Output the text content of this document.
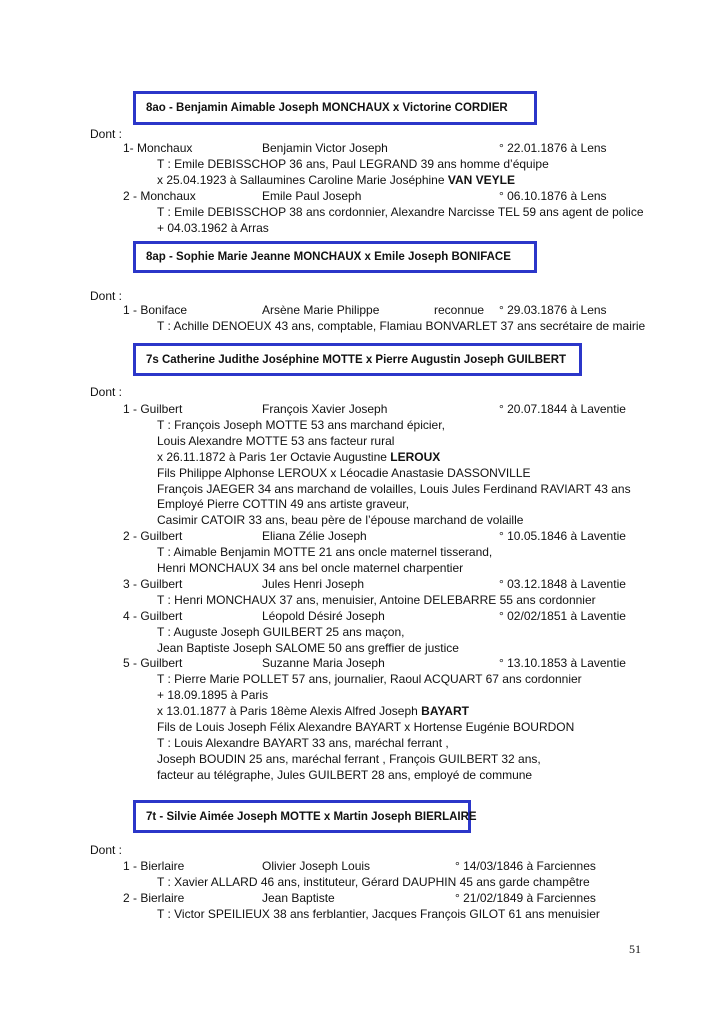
8ao - Benjamin Aimable Joseph MONCHAUX x Victorine CORDIER
Dont :
1- Monchaux	Benjamin Victor Joseph	° 22.01.1876 à Lens
T : Emile DEBISSCHOP 36 ans, Paul LEGRAND 39 ans homme d’équipe
x 25.04.1923 à Sallaumines Caroline Marie Joséphine VAN VEYLE
2 - Monchaux	Emile Paul Joseph	° 06.10.1876 à Lens
T : Emile DEBISSCHOP 38 ans cordonnier, Alexandre Narcisse TEL 59 ans agent de police
+ 04.03.1962 à Arras
8ap - Sophie Marie Jeanne MONCHAUX x Emile Joseph BONIFACE
Dont :
1 - Boniface	Arsène Marie Philippe	reconnue ° 29.03.1876 à Lens
T : Achille DENOEUX 43 ans, comptable, Flamiau BONVARLET 37 ans secrétaire de mairie
7s Catherine Judithe Joséphine MOTTE x Pierre Augustin Joseph GUILBERT
Dont :
1 - Guilbert	François Xavier Joseph	° 20.07.1844 à Laventie
T : François Joseph MOTTE 53 ans marchand épicier,
Louis Alexandre MOTTE 53 ans facteur rural
x 26.11.1872 à Paris 1er Octavie Augustine LEROUX
Fils Philippe Alphonse LEROUX x Léocadie Anastasie DASSONVILLE
François JAEGER 34 ans marchand de volailles, Louis Jules Ferdinand RAVIART 43 ans
Employé Pierre COTTIN 49 ans artiste graveur,
Casimir CATOIR 33 ans, beau père de l’épouse marchand de volaille
2 - Guilbert	Eliana Zélie Joseph	° 10.05.1846 à Laventie
T : Aimable Benjamin MOTTE 21 ans oncle maternel tisserand,
Henri MONCHAUX 34 ans bel oncle maternel charpentier
3 - Guilbert	Jules Henri Joseph	° 03.12.1848 à Laventie
T : Henri MONCHAUX 37 ans, menuisier, Antoine DELEBARRE 55 ans cordonnier
4 - Guilbert	Léopold Désiré Joseph	° 02/02/1851 à Laventie
T : Auguste Joseph GUILBERT 25 ans maçon,
Jean Baptiste Joseph SALOME 50 ans greffier de justice
5 - Guilbert	Suzanne Maria Joseph	° 13.10.1853 à Laventie
T : Pierre Marie POLLET 57 ans, journalier, Raoul ACQUART 67 ans cordonnier
+ 18.09.1895 à Paris
x 13.01.1877 à Paris 18ème Alexis Alfred Joseph BAYART
Fils de Louis Joseph Félix Alexandre BAYART x Hortense Eugénie BOURDON
T : Louis Alexandre BAYART 33 ans, maréchal ferrant ,
Joseph BOUDIN 25 ans, maréchal ferrant , François GUILBERT 32 ans,
facteur au télégraphe, Jules GUILBERT 28 ans, employé de commune
7t - Silvie Aimée Joseph MOTTE x Martin Joseph BIERLAIRE
Dont :
1 - Bierlaire	Olivier Joseph Louis	° 14/03/1846 à Farciennes
T : Xavier ALLARD 46 ans, instituteur, Gérard DAUPHIN 45 ans garde champêtre
2 - Bierlaire	Jean Baptiste	° 21/02/1849 à Farciennes
T : Victor SPEILIEUX 38 ans ferblantier, Jacques François GILOT 61 ans menuisier
51
